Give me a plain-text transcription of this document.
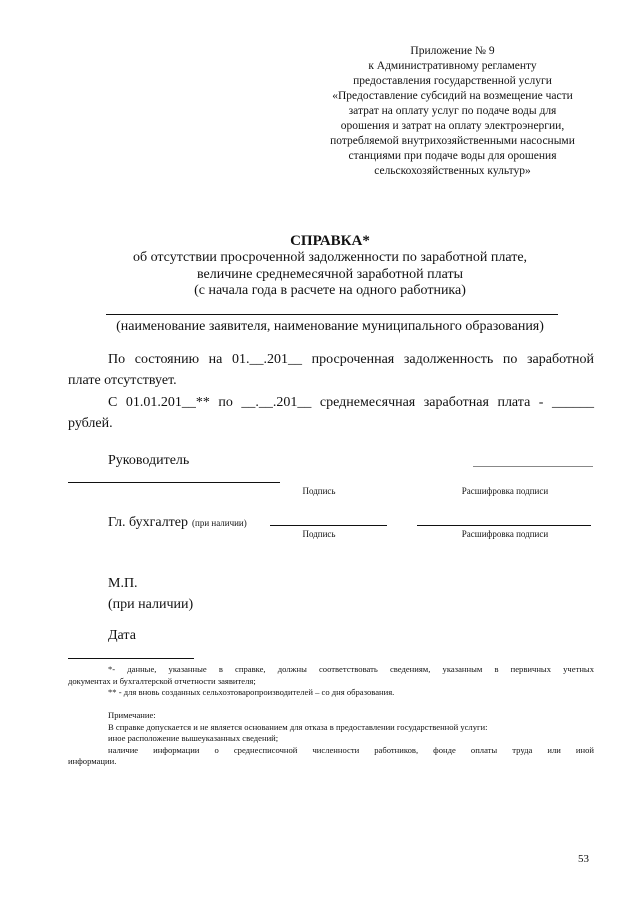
Приложение № 9
к Административному регламенту
предоставления государственной услуги
«Предоставление субсидий на возмещение части
затрат на оплату услуг по подаче воды для
орошения и затрат на оплату электроэнергии,
потребляемой внутрихозяйственными насосными
станциями при подаче воды для орошения
сельскохозяйственных культур»
СПРАВКА*
об отсутствии просроченной задолженности по заработной плате,
величине среднемесячной заработной платы
(с начала года в расчете на одного работника)
(наименование заявителя, наименование муниципального образования)
По состоянию на 01.__.201__ просроченная задолженность по заработной
плате отсутствует.
С 01.01.201__** по __.__.201__ среднемесячная заработная плата - ______
рублей.
Руководитель
Подпись	Расшифровка подписи
Гл. бухгалтер (при наличии)
Подпись	Расшифровка подписи
М.П.
(при наличии)
Дата
*- данные, указанные в справке, должны соответствовать сведениям, указанным в первичных учетных
документах и бухгалтерской отчетности заявителя;
** - для вновь созданных сельхозтоваропроизводителей – со дня образования.
Примечание:
В справке допускается и не является основанием для отказа в предоставлении государственной услуги:
иное расположение вышеуказанных сведений;
наличие информации о среднесписочной численности работников, фонде оплаты труда или иной
информации.
53
